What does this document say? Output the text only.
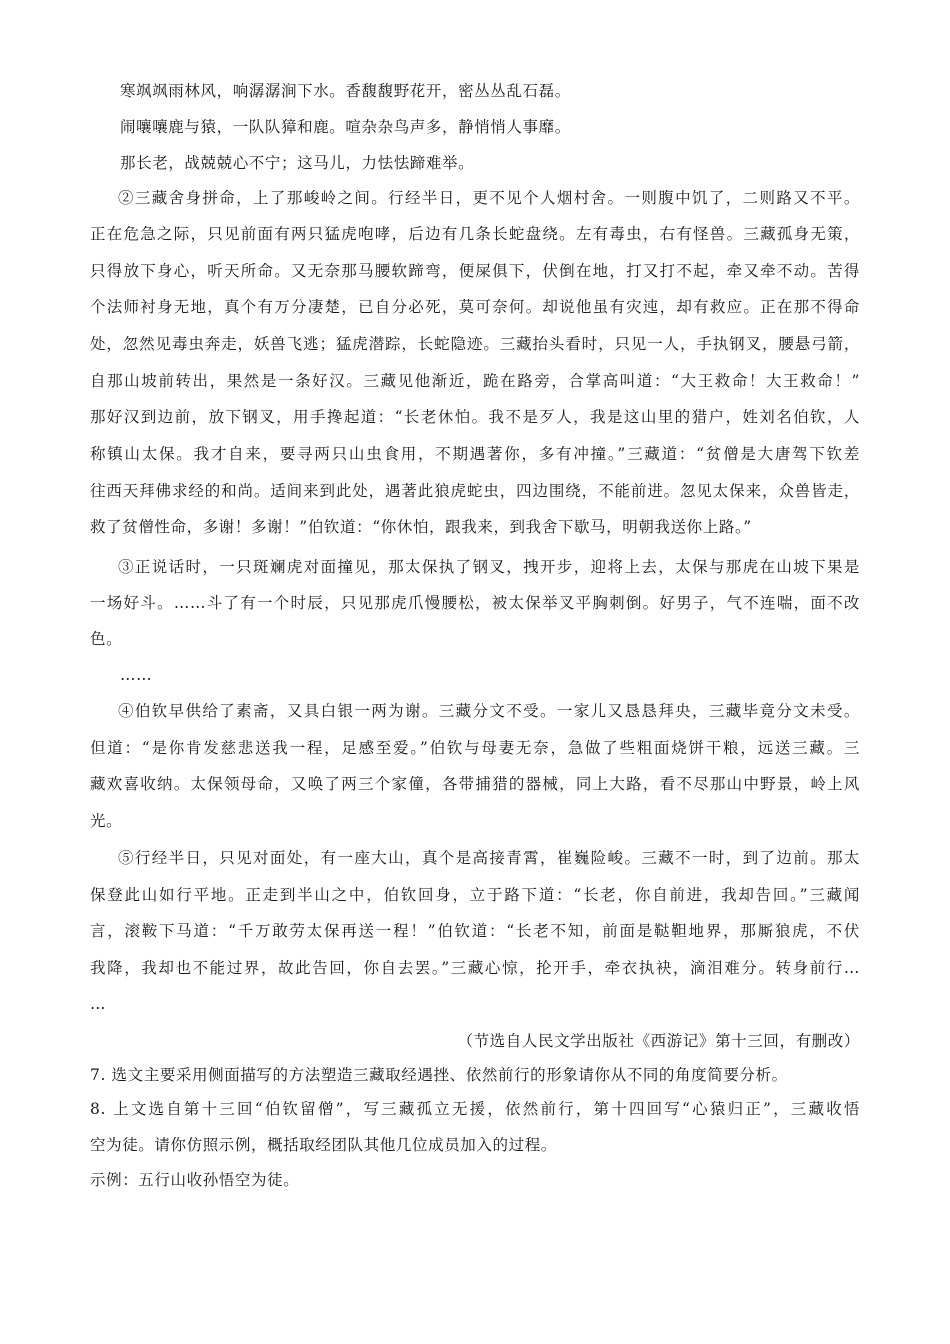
寒飒飒雨林风，响潺潺涧下水。香馥馥野花开，密丛丛乱石磊。
闹嚷嚷鹿与猿，一队队獐和鹿。喧杂杂鸟声多，静悄悄人事靡。
那长老，战兢兢心不宁；这马儿，力怯怯蹄难举。
②三藏舍身拼命，上了那峻岭之间。行经半日，更不见个人烟村舍。一则腹中饥了，二则路又不平。
正在危急之际，只见前面有两只猛虎咆哮，后边有几条长蛇盘绕。左有毒虫，右有怪兽。三藏孤身无策，
只得放下身心，听天所命。又无奈那马腰软蹄弯，便屎俱下，伏倒在地，打又打不起，牵又牵不动。苦得
个法师衬身无地，真个有万分凄楚，已自分必死，莫可奈何。却说他虽有灾迍，却有救应。正在那不得命
处，忽然见毒虫奔走，妖兽飞逃；猛虎潜踪，长蛇隐迹。三藏抬头看时，只见一人，手执钢叉，腰悬弓箭，
自那山坡前转出，果然是一条好汉。三藏见他渐近，跪在路旁，合掌高叫道：“大王救命！大王救命！”
那好汉到边前，放下钢叉，用手搀起道：“长老休怕。我不是歹人，我是这山里的猎户，姓刘名伯钦，人
称镇山太保。我才自来，要寻两只山虫食用，不期遇著你，多有冲撞。”三藏道：“贫僧是大唐驾下钦差
往西天拜佛求经的和尚。适间来到此处，遇著此狼虎蛇虫，四边围绕，不能前进。忽见太保来，众兽皆走，
救了贫僧性命，多谢！多谢！”伯钦道：“你休怕，跟我来，到我舍下歇马，明朝我送你上路。”
③正说话时，一只斑斓虎对面撞见，那太保执了钢叉，拽开步，迎将上去，太保与那虎在山坡下果是
一场好斗。……斗了有一个时辰，只见那虎爪慢腰松，被太保举叉平胸刺倒。好男子，气不连喘，面不改
色。
……
④伯钦早供给了素斋，又具白银一两为谢。三藏分文不受。一家儿又恳恳拜央，三藏毕竟分文未受。
但道：“是你肯发慈悲送我一程，足感至爱。”伯钦与母妻无奈，急做了些粗面烧饼干粮，远送三藏。三
藏欢喜收纳。太保领母命，又唤了两三个家僮，各带捕猎的器械，同上大路，看不尽那山中野景，岭上风
光。
⑤行经半日，只见对面处，有一座大山，真个是高接青霄，崔巍险峻。三藏不一时，到了边前。那太
保登此山如行平地。正走到半山之中，伯钦回身，立于路下道：“长老，你自前进，我却告回。”三藏闻
言，滚鞍下马道：“千万敢劳太保再送一程！”伯钦道：“长老不知，前面是鞑靼地界，那厮狼虎，不伏
我降，我却也不能过界，故此告回，你自去罢。”三藏心惊，抡开手，牵衣执袂，滴泪难分。转身前行…
…
（节选自人民文学出版社《西游记》第十三回，有删改）
7. 选文主要采用侧面描写的方法塑造三藏取经遇挫、依然前行的形象请你从不同的角度简要分析。
8. 上文选自第十三回“伯钦留僧”，写三藏孤立无援，依然前行，第十四回写“心猿归正”，三藏收悟
空为徒。请你仿照示例，概括取经团队其他几位成员加入的过程。
示例：五行山收孙悟空为徒。
